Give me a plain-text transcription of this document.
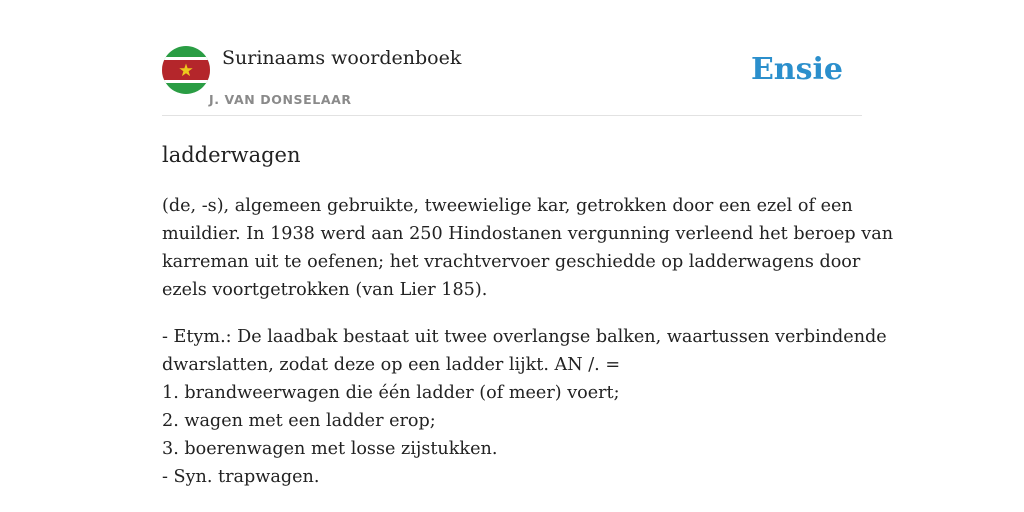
Surinaams woordenboek
J. VAN DONSELAAR
Ensie
ladderwagen

(de, -s), algemeen gebruikte, tweewielige kar, getrokken door een ezel of een
muildier. In 1938 werd aan 250 Hindostanen vergunning verleend het beroep van
karreman uit te oefenen; het vrachtvervoer geschiedde op ladderwagens door
ezels voortgetrokken (van Lier 185).

- Etym.: De laadbak bestaat uit twee overlangse balken, waartussen verbindende
dwarslatten, zodat deze op een ladder lijkt. AN /. =
1. brandweerwagen die één ladder (of meer) voert;
2. wagen met een ladder erop;
3. boerenwagen met losse zijstukken.
- Syn. trapwagen.
